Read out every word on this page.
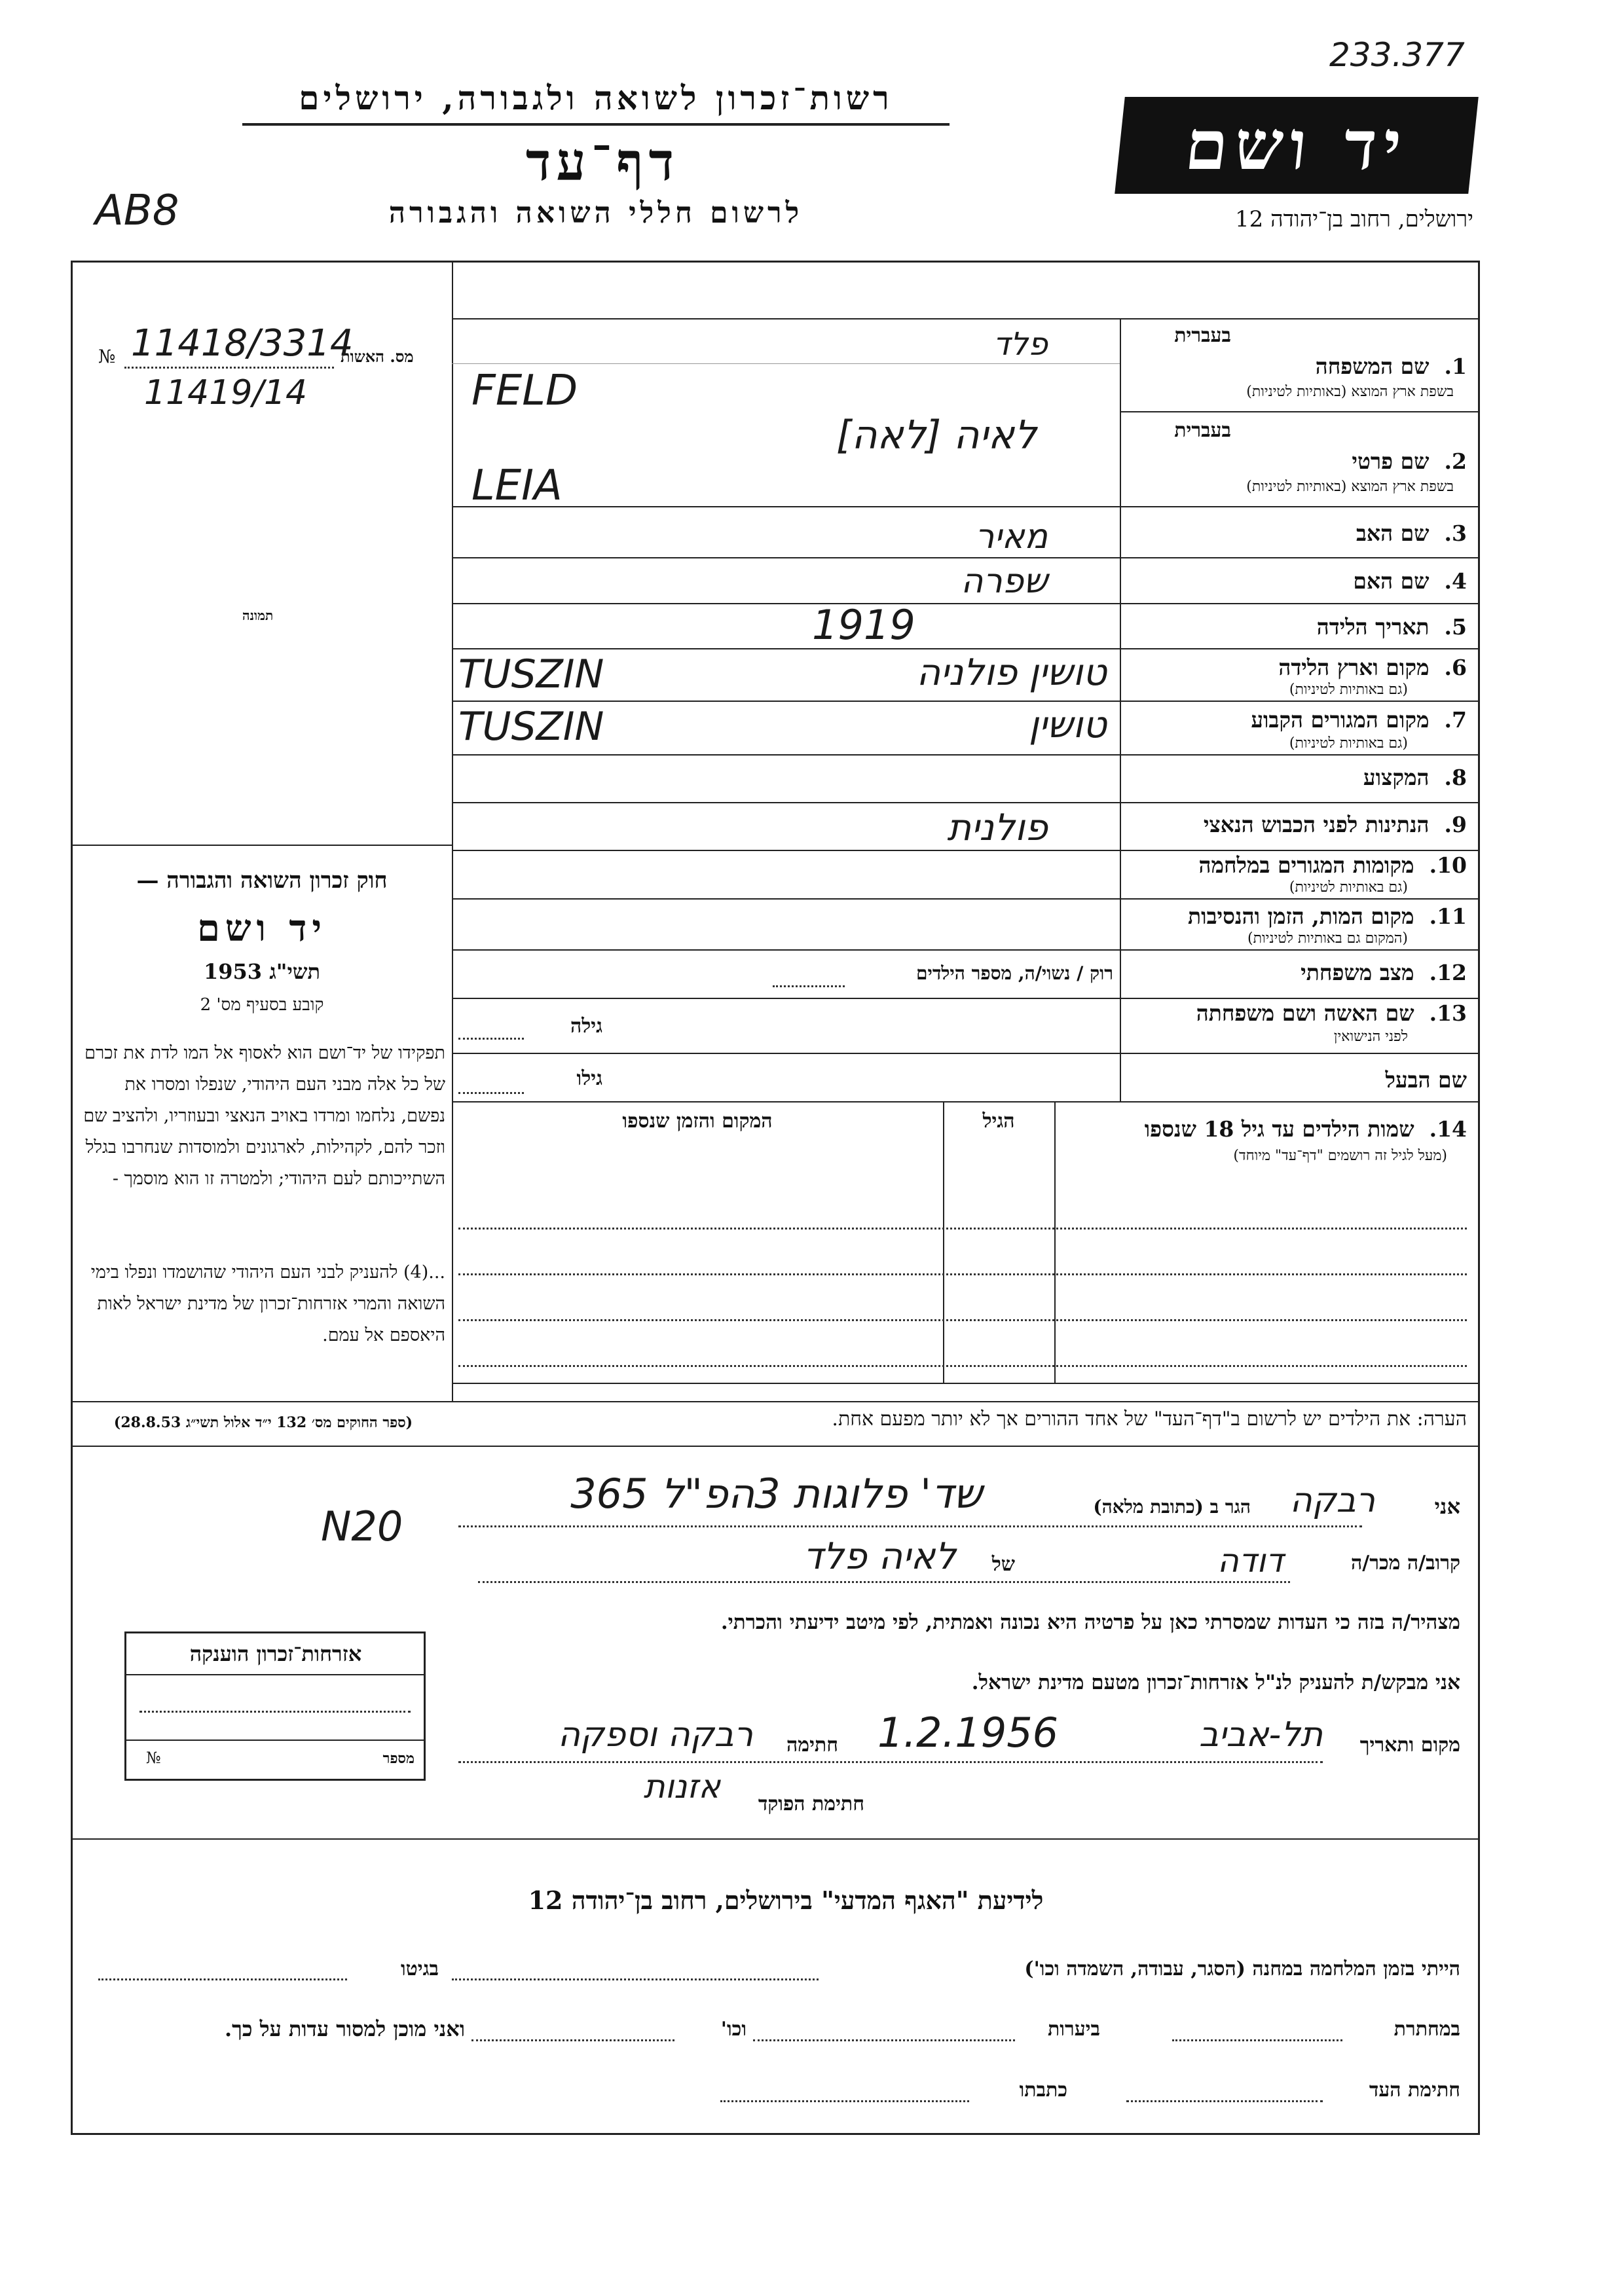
233.377
רשות־זכרון לשואה ולגבורה, ירושלים
דף־עד
לרשום חללי השואה והגבורה
AB8
יד ושם
ירושלים, רחוב בן־יהודה 12
מס. האשות
№ 11418/3314
11419/14
תמונה
חוק זכרון השואה והגבורה —
יד ושם
תשי"ג 1953
קובע בסעיף מס' 2
תפקידו של יד־ושם הוא לאסוף אל המו לדת את זכרם של כל אלה מבני העם היהודי, שנפלו ומסרו את נפשם, נלחמו ומרדו באויב הנאצי ובעוזריו, ולהציב שם וזכר להם, לקהילות, לארגונים ולמוסדות שנחרבו בגלל השתייכותם לעם היהודי; ולמטרה זו הוא מוסמך -
...(4) להעניק לבני העם היהודי שהושמדו ונפלו בימי השואה והמרי אזרחות־זכרון של מדינת ישראל לאות היאספם אל עמם.
(ספר החוקים מס׳ 132 י״ד אלול תשי״ג 28.8.53)
בעברית
1.  שם המשפחה
בשפת ארץ המוצא (באותיות לטיניות)
בעברית
2.  שם פרטי
בשפת ארץ המוצא (באותיות לטיניות)
3.  שם האב
4.  שם האם
5.  תאריך הלידה
6.  מקום וארץ הלידה
(גם באותיות לטיניות)
7.  מקום המגורים הקבוע
(גם באותיות לטיניות)
8.  המקצוע
9.  הנתינות לפני הכבוש הנאצי
10.  מקומות המגורים במלחמה
(גם באותיות לטיניות)
11.  מקום המות, הזמן והנסיבות
(המקום גם באותיות לטיניות)
12.  מצב משפחתי
רוק / נשוי/ה, מספר הילדים
13.  שם האשה ושם משפחתה
לפני הנישואין
גילה
שם הבעל
גילו
פלד
FELD
לאיה [לאה]
LEIA
מאיר
שפרה
1919
TUSZIN	טושין פולניה
TUSZIN	טושין
פולנית
14.  שמות הילדים עד גיל 18 שנספו
(מעל לגיל זה רושמים "דף־עד" מיוחד)
הגיל
המקום והזמן שנספו
הערה: את הילדים יש לרשום ב"דף־העד" של אחד ההורים אך לא יותר מפעם אחת.
אני
רבקה
הגר ב (כתובת מלאה)
שד' פלוגות 3הפ"ל 365
N20
קרוב/ה מכר/ה
דודה
של
לאיה פלד
מצהיר/ה בזה כי העדות שמסרתי כאן על פרטיה היא נכונה ואמתית, לפי מיטב ידיעתי והכרתי.
אני מבקש/ת להעניק לנ"ל אזרחות־זכרון מטעם מדינת ישראל.
מקום ותאריך
תל-אביב
1.2.1956
חתימה
רבקה וספקה
חתימת הפוקד
אזנות
אזרחות־זכרון הוענקה
מספר
№
לידיעת "האגף המדעי" בירושלים, רחוב בן־יהודה 12
הייתי בזמן המלחמה במחנה (הסגר, עבודה, השמדה וכו')
בגיטו
במחתרת
ביערות
וכו'
ואני מוכן למסור עדות על כך.
חתימת העד
כתבתו
